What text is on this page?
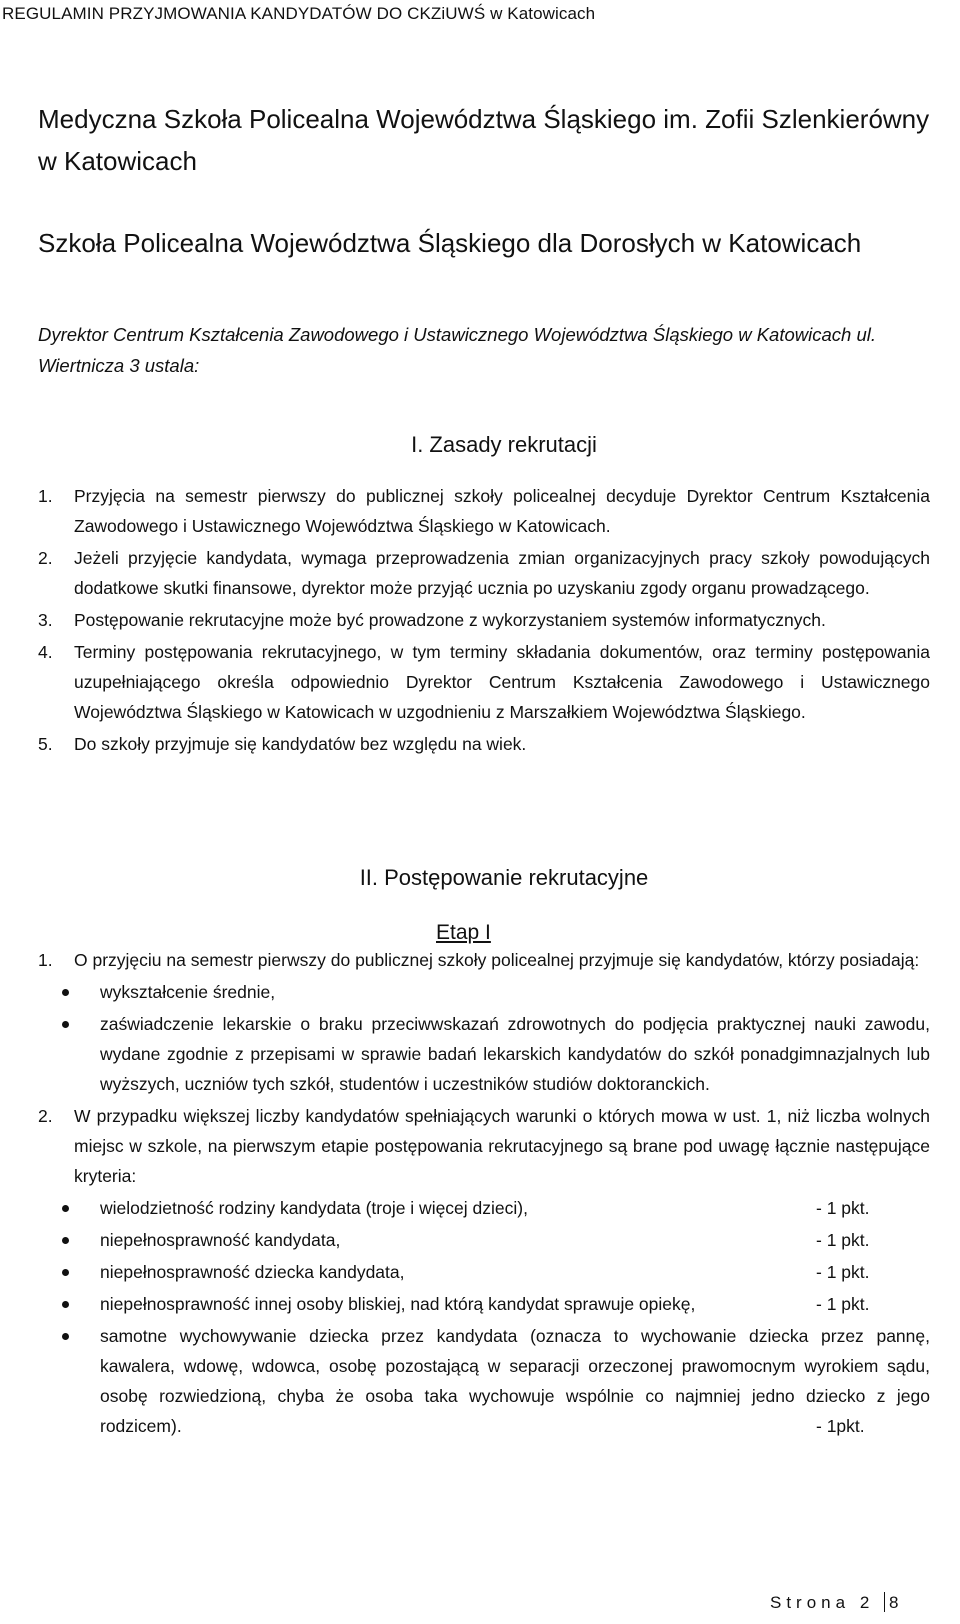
REGULAMIN PRZYJMOWANIA KANDYDATÓW DO CKZiUWŚ w Katowicach
Medyczna Szkoła Policealna Województwa Śląskiego im. Zofii Szlenkierówny w Katowicach
Szkoła Policealna Województwa Śląskiego dla Dorosłych w Katowicach

Dyrektor Centrum Kształcenia Zawodowego i Ustawicznego Województwa Śląskiego w Katowicach ul. Wiertnicza 3 ustala:

I. Zasady rekrutacji
1. Przyjęcia na semestr pierwszy do publicznej szkoły policealnej decyduje Dyrektor Centrum Kształcenia Zawodowego i Ustawicznego Województwa Śląskiego w Katowicach.
2. Jeżeli przyjęcie kandydata, wymaga przeprowadzenia zmian organizacyjnych pracy szkoły powodujących dodatkowe skutki finansowe, dyrektor może przyjąć ucznia po uzyskaniu zgody organu prowadzącego.
3. Postępowanie rekrutacyjne może być prowadzone z wykorzystaniem systemów informatycznych.
4. Terminy postępowania rekrutacyjnego, w tym terminy składania dokumentów, oraz terminy postępowania uzupełniającego określa odpowiednio Dyrektor Centrum Kształcenia Zawodowego i Ustawicznego Województwa Śląskiego w Katowicach w uzgodnieniu z Marszałkiem Województwa Śląskiego.
5. Do szkoły przyjmuje się kandydatów bez względu na wiek.
II. Postępowanie rekrutacyjne
Etap I
1. O przyjęciu na semestr pierwszy do publicznej szkoły policealnej przyjmuje się kandydatów, którzy posiadają:
wykształcenie średnie,
zaświadczenie lekarskie o braku przeciwwskazań zdrowotnych do podjęcia praktycznej nauki zawodu, wydane zgodnie z przepisami w sprawie badań lekarskich kandydatów do szkół ponadgimnazjalnych lub wyższych, uczniów tych szkół, studentów i uczestników studiów doktoranckich.
2. W przypadku większej liczby kandydatów spełniających warunki o których mowa w ust. 1, niż liczba wolnych miejsc w szkole, na pierwszym etapie postępowania rekrutacyjnego są brane pod uwagę łącznie następujące kryteria:
wielodzietność rodziny kandydata (troje i więcej dzieci),	- 1 pkt.
niepełnosprawność kandydata,	- 1 pkt.
niepełnosprawność dziecka kandydata,	- 1 pkt.
niepełnosprawność innej osoby bliskiej, nad którą kandydat sprawuje opiekę,	- 1 pkt.
samotne wychowywanie dziecka przez kandydata (oznacza to wychowanie dziecka przez pannę, kawalera, wdowę, wdowca, osobę pozostającą w separacji orzeczonej prawomocnym wyrokiem sądu, osobę rozwiedzioną, chyba że osoba taka wychowuje wspólnie co najmniej jedno dziecko z jego rodzicem).	- 1pkt.
Strona 2 8
